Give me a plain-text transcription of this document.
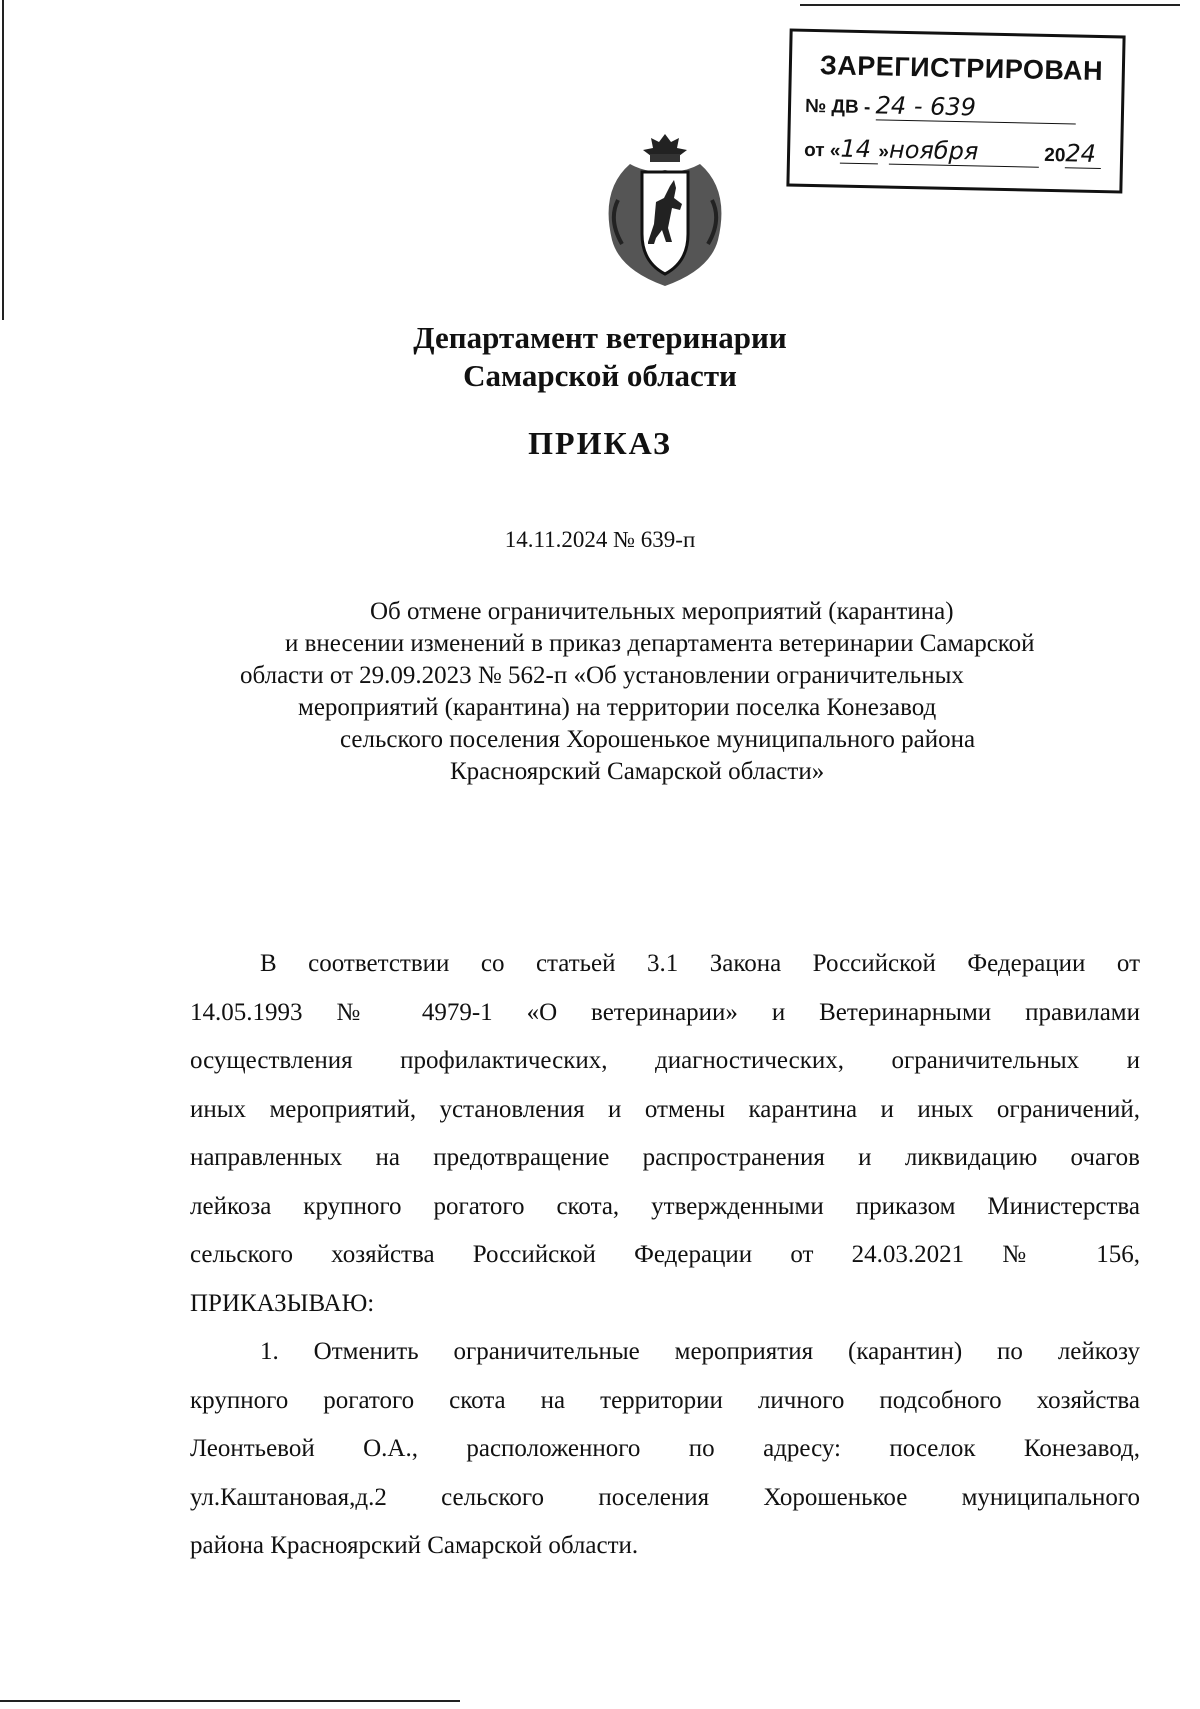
ЗАРЕГИСТРИРОВАН
№ ДВ - 24 - 639
от «14 »ноября	2024
Департамент ветеринарии
Самарской области
ПРИКАЗ
14.11.2024 № 639-п
Об отмене ограничительных мероприятий (карантина)
и внесении изменений в приказ департамента ветеринарии Самарской
области от 29.09.2023 № 562-п «Об установлении ограничительных
мероприятий (карантина) на территории поселка Конезавод
сельского поселения Хорошенькое муниципального района
Красноярский Самарской области»
В соответствии со статьей 3.1 Закона Российской Федерации от
14.05.1993 № 4979-1 «О ветеринарии» и Ветеринарными правилами
осуществления профилактических, диагностических, ограничительных и
иных мероприятий, установления и отмены карантина и иных ограничений,
направленных на предотвращение распространения и ликвидацию очагов
лейкоза крупного рогатого скота, утвержденными приказом Министерства
сельского хозяйства Российской Федерации от 24.03.2021 № 156,
ПРИКАЗЫВАЮ:
1. Отменить ограничительные мероприятия (карантин) по лейкозу
крупного рогатого скота на территории личного подсобного хозяйства
Леонтьевой О.А., расположенного по адресу: поселок Конезавод,
ул.Каштановая,д.2 сельского поселения Хорошенькое муниципального
района Красноярский Самарской области.
